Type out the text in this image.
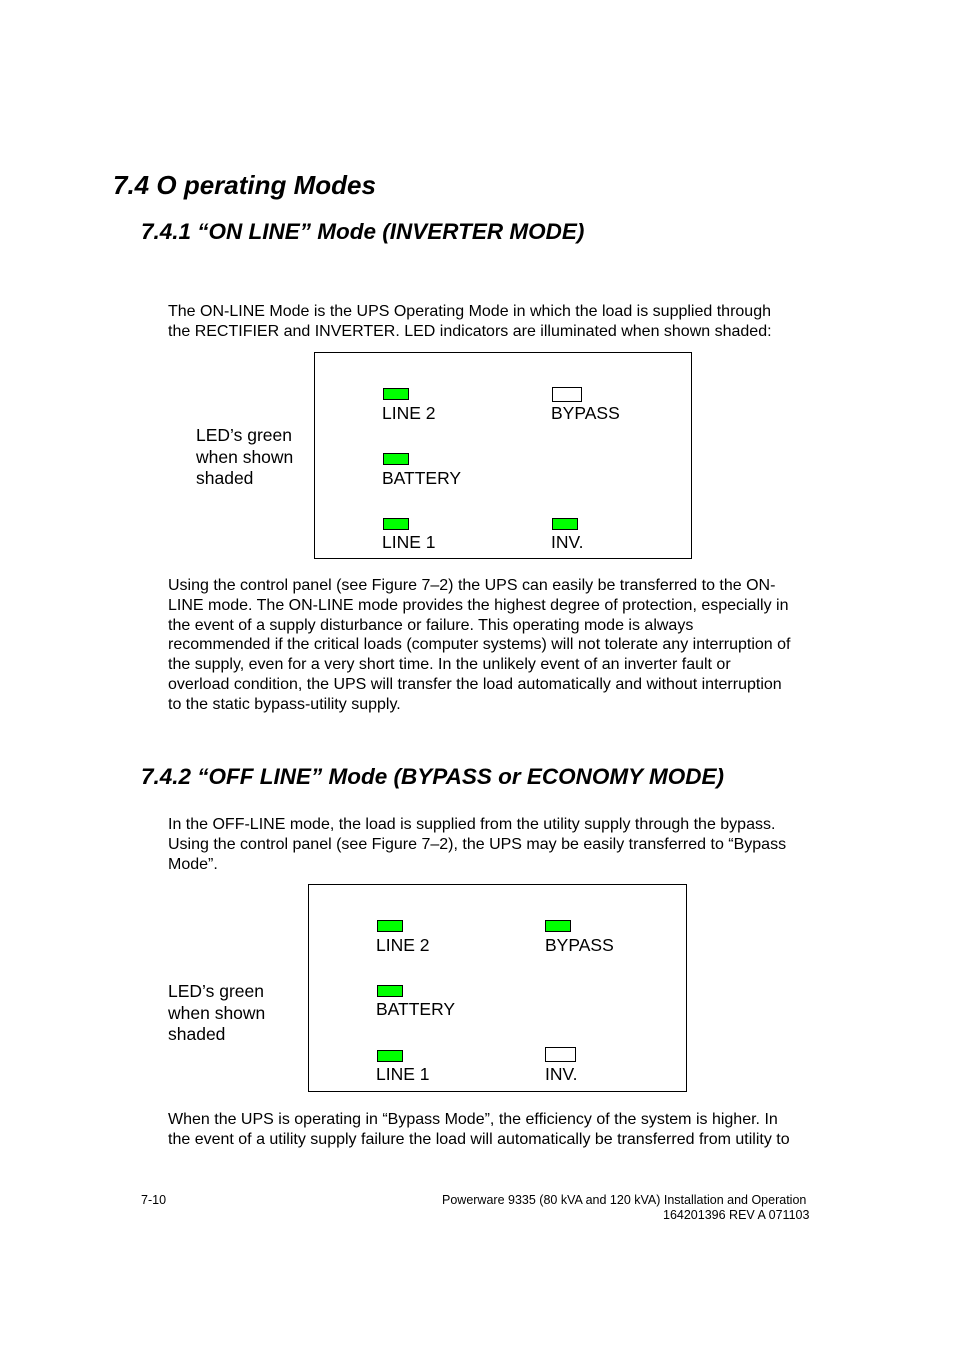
7.4 O perating Modes
7.4.1 “ON LINE” Mode (INVERTER MODE)
The ON-LINE Mode is the UPS Operating Mode in which the load is supplied through
the RECTIFIER and INVERTER. LED indicators are illuminated when shown shaded:
LED’s green
when shown
shaded
LINE 2	BYPASS
BATTERY
LINE 1	INV.
Using the control panel (see Figure 7–2) the UPS can easily be transferred to the ON-
LINE mode. The ON-LINE mode provides the highest degree of protection, especially in
the event of a supply disturbance or failure. This operating mode is always
recommended if the critical loads (computer systems) will not tolerate any interruption of
the supply, even for a very short time. In the unlikely event of an inverter fault or
overload condition, the UPS will transfer the load automatically and without interruption
to the static bypass-utility supply.
7.4.2 “OFF LINE” Mode (BYPASS or ECONOMY MODE)
In the OFF-LINE mode, the load is supplied from the utility supply through the bypass.
Using the control panel (see Figure 7–2), the UPS may be easily transferred to “Bypass
Mode”.
LED’s green
when shown
shaded
LINE 2	BYPASS
BATTERY
LINE 1	INV.
When the UPS is operating in “Bypass Mode”, the efficiency of the system is higher. In
the event of a utility supply failure the load will automatically be transferred from utility to
7-10	Powerware 9335 (80 kVA and 120 kVA) Installation and Operation
164201396 REV A 071103
